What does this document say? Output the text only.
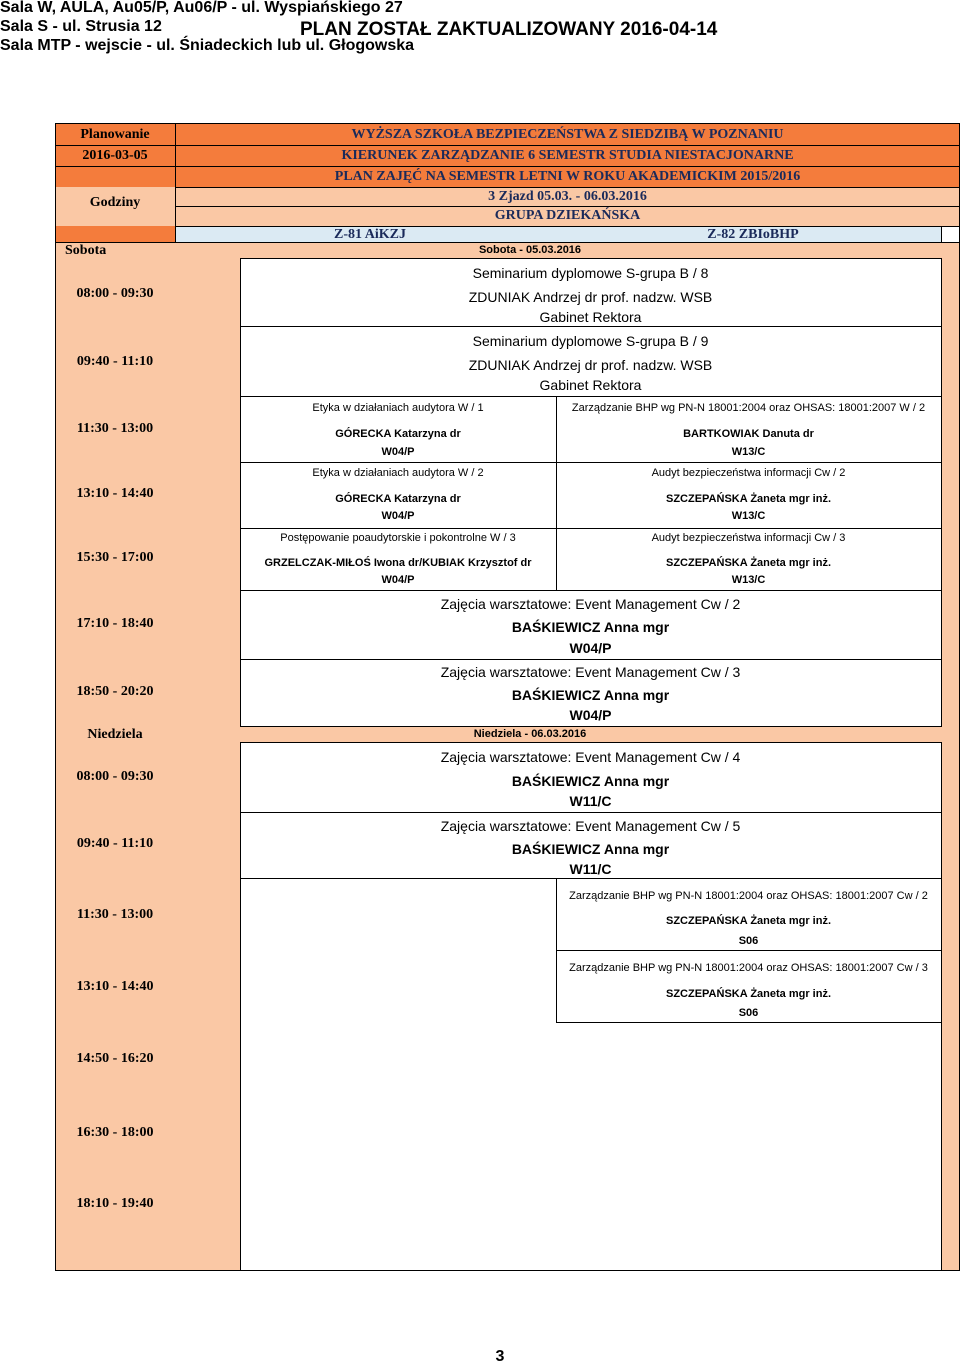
Sala W, AULA, Au05/P, Au06/P - ul. Wyspiańskiego 27
Sala S - ul. Strusia 12
Sala MTP - wejscie - ul. Śniadeckich lub ul. Głogowska
PLAN ZOSTAŁ ZAKTUALIZOWANY 2016-04-14
Planowanie
2016-03-05
Godziny
Sobota
Niedziela
WYŻSZA SZKOŁA BEZPIECZEŃSTWA Z SIEDZIBĄ W POZNANIU
KIERUNEK ZARZĄDZANIE 6 SEMESTR STUDIA NIESTACJONARNE
PLAN ZAJĘĆ NA SEMESTR LETNI W ROKU AKADEMICKIM 2015/2016
3 Zjazd 05.03. - 06.03.2016
GRUPA DZIEKAŃSKA
Z-81 AiKZJ	Z-82 ZBIoBHP
Sobota - 05.03.2016
Niedziela - 06.03.2016
08:00 - 09:30
09:40 - 11:10
11:30 - 13:00
13:10 - 14:40
15:30 - 17:00
17:10 - 18:40
18:50 - 20:20
08:00 - 09:30
09:40 - 11:10
11:30 - 13:00
13:10 - 14:40
14:50 - 16:20
16:30 - 18:00
18:10 - 19:40
Seminarium dyplomowe S-grupa B / 8
ZDUNIAK Andrzej dr prof. nadzw. WSB
Gabinet Rektora
Seminarium dyplomowe S-grupa B / 9
ZDUNIAK Andrzej dr prof. nadzw. WSB
Gabinet Rektora
Etyka w działaniach audytora W / 1
GÓRECKA Katarzyna dr
W04/P
Zarządzanie BHP wg PN-N 18001:2004 oraz OHSAS: 18001:2007 W / 2
BARTKOWIAK Danuta dr
W13/C
Etyka w działaniach audytora W / 2
GÓRECKA Katarzyna dr
W04/P
Audyt bezpieczeństwa informacji Cw / 2
SZCZEPAŃSKA Żaneta mgr inż.
W13/C
Postępowanie poaudytorskie i pokontrolne W / 3
GRZELCZAK-MIŁOŚ Iwona dr/KUBIAK Krzysztof dr
W04/P
Audyt bezpieczeństwa informacji Cw / 3
SZCZEPAŃSKA Żaneta mgr inż.
W13/C
Zajęcia warsztatowe: Event Management Cw / 2
BAŚKIEWICZ Anna mgr
W04/P
Zajęcia warsztatowe: Event Management Cw / 3
BAŚKIEWICZ Anna mgr
W04/P
Zajęcia warsztatowe: Event Management Cw / 4
BAŚKIEWICZ Anna mgr
W11/C
Zajęcia warsztatowe: Event Management Cw / 5
BAŚKIEWICZ Anna mgr
W11/C
Zarządzanie BHP wg PN-N 18001:2004 oraz OHSAS: 18001:2007 Cw / 2
SZCZEPAŃSKA Żaneta mgr inż.
S06
Zarządzanie BHP wg PN-N 18001:2004 oraz OHSAS: 18001:2007 Cw / 3
SZCZEPAŃSKA Żaneta mgr inż.
S06
3
